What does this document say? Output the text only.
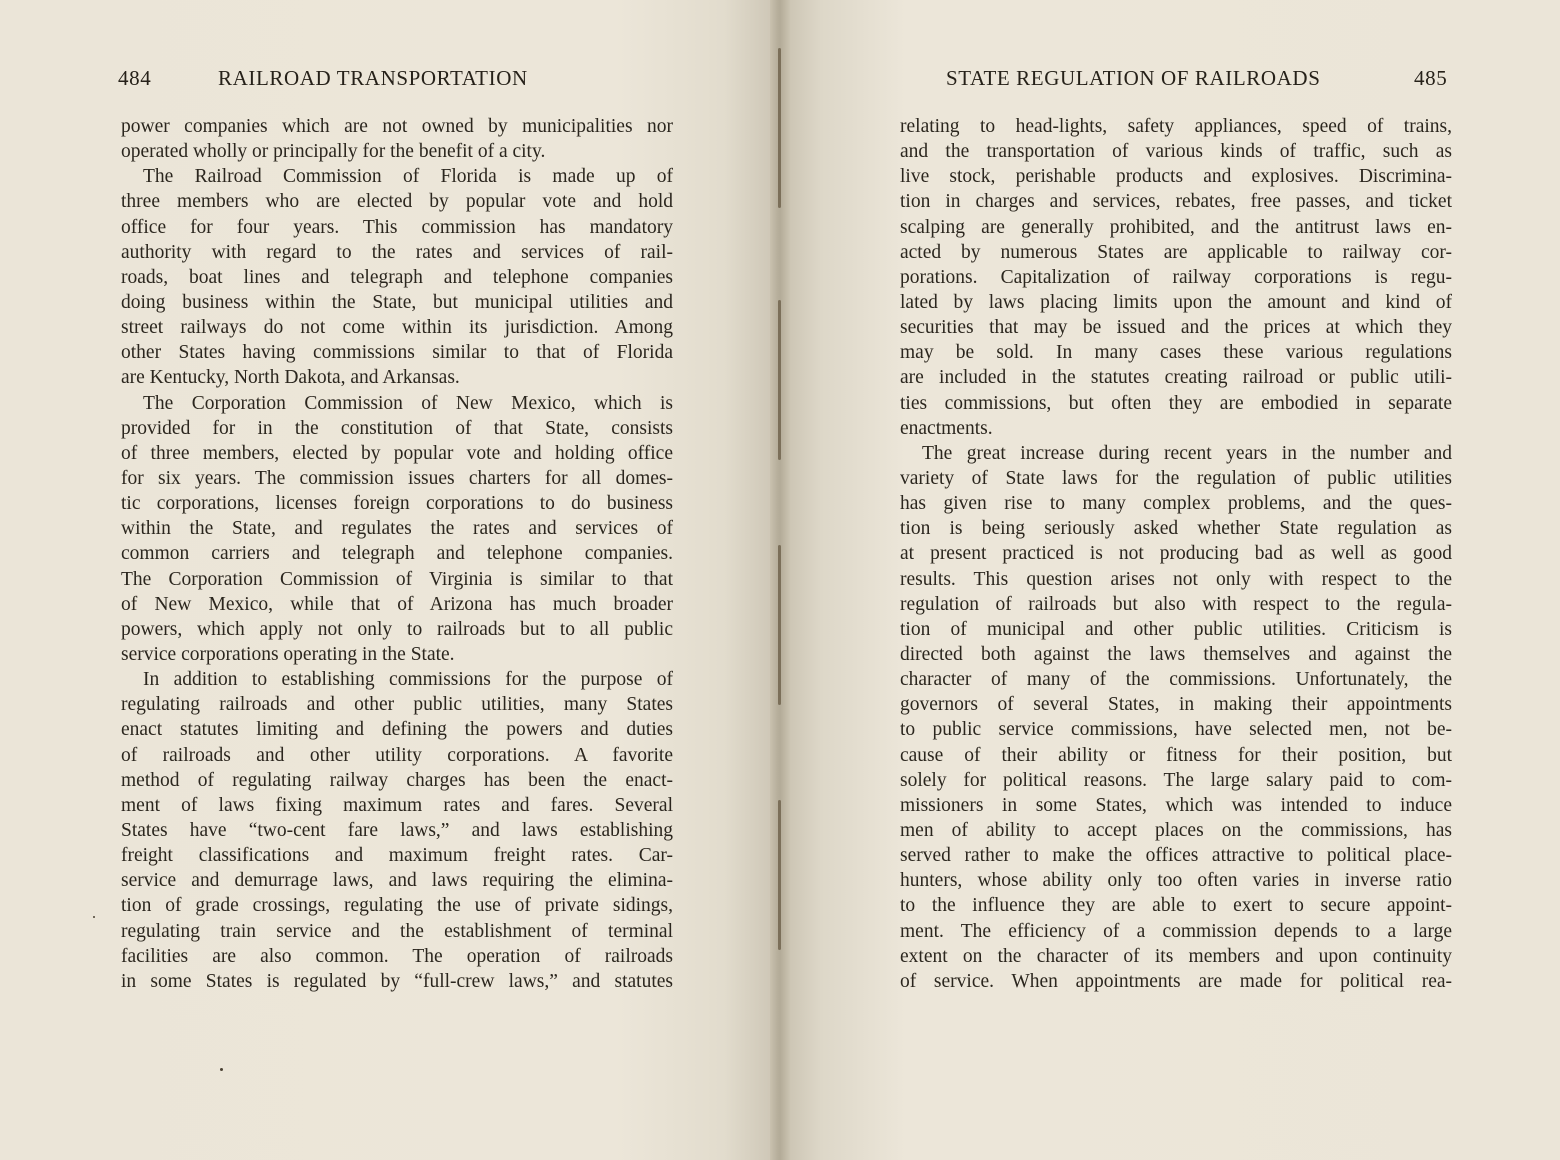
484	RAILROAD TRANSPORTATION
power companies which are not owned by municipalities nor
operated wholly or principally for the benefit of a city.
The Railroad Commission of Florida is made up of
three members who are elected by popular vote and hold
office for four years. This commission has mandatory
authority with regard to the rates and services of rail-
roads, boat lines and telegraph and telephone companies
doing business within the State, but municipal utilities and
street railways do not come within its jurisdiction. Among
other States having commissions similar to that of Florida
are Kentucky, North Dakota, and Arkansas.
The Corporation Commission of New Mexico, which is
provided for in the constitution of that State, consists
of three members, elected by popular vote and holding office
for six years. The commission issues charters for all domes-
tic corporations, licenses foreign corporations to do business
within the State, and regulates the rates and services of
common carriers and telegraph and telephone companies.
The Corporation Commission of Virginia is similar to that
of New Mexico, while that of Arizona has much broader
powers, which apply not only to railroads but to all public
service corporations operating in the State.
In addition to establishing commissions for the purpose of
regulating railroads and other public utilities, many States
enact statutes limiting and defining the powers and duties
of railroads and other utility corporations. A favorite
method of regulating railway charges has been the enact-
ment of laws fixing maximum rates and fares. Several
States have “two-cent fare laws,” and laws establishing
freight classifications and maximum freight rates. Car-
service and demurrage laws, and laws requiring the elimina-
tion of grade crossings, regulating the use of private sidings,
regulating train service and the establishment of terminal
facilities are also common. The operation of railroads
in some States is regulated by “full-crew laws,” and statutes
STATE REGULATION OF RAILROADS	485
relating to head-lights, safety appliances, speed of trains,
and the transportation of various kinds of traffic, such as
live stock, perishable products and explosives. Discrimina-
tion in charges and services, rebates, free passes, and ticket
scalping are generally prohibited, and the antitrust laws en-
acted by numerous States are applicable to railway cor-
porations. Capitalization of railway corporations is regu-
lated by laws placing limits upon the amount and kind of
securities that may be issued and the prices at which they
may be sold. In many cases these various regulations
are included in the statutes creating railroad or public utili-
ties commissions, but often they are embodied in separate
enactments.
The great increase during recent years in the number and
variety of State laws for the regulation of public utilities
has given rise to many complex problems, and the ques-
tion is being seriously asked whether State regulation as
at present practiced is not producing bad as well as good
results. This question arises not only with respect to the
regulation of railroads but also with respect to the regula-
tion of municipal and other public utilities. Criticism is
directed both against the laws themselves and against the
character of many of the commissions. Unfortunately, the
governors of several States, in making their appointments
to public service commissions, have selected men, not be-
cause of their ability or fitness for their position, but
solely for political reasons. The large salary paid to com-
missioners in some States, which was intended to induce
men of ability to accept places on the commissions, has
served rather to make the offices attractive to political place-
hunters, whose ability only too often varies in inverse ratio
to the influence they are able to exert to secure appoint-
ment. The efficiency of a commission depends to a large
extent on the character of its members and upon continuity
of service. When appointments are made for political rea-
